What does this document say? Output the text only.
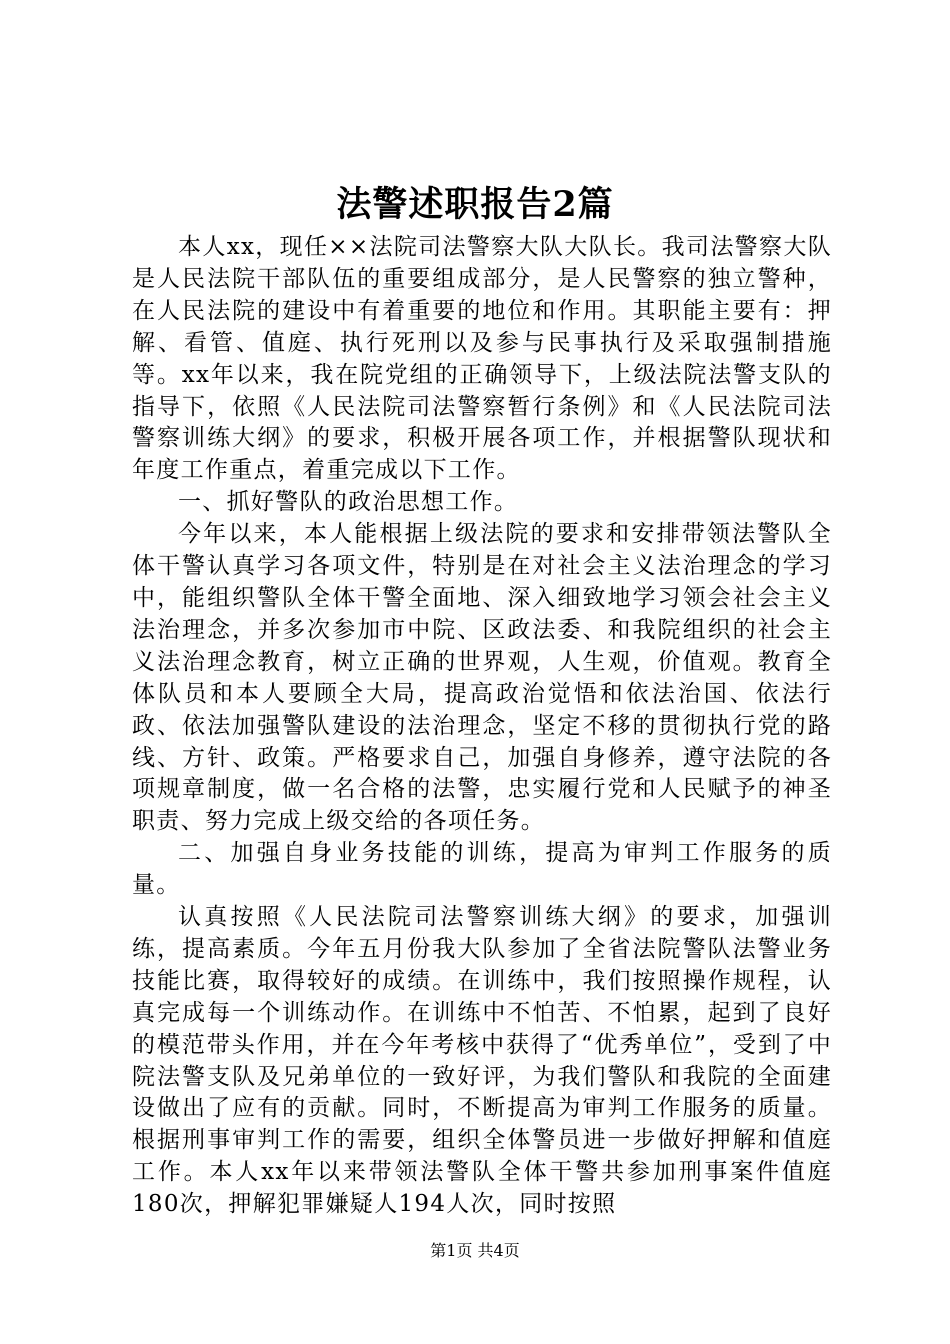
法警述职报告2篇

本人xx，现任××法院司法警察大队大队长。我司法警察大队是人民法院干部队伍的重要组成部分，是人民警察的独立警种，在人民法院的建设中有着重要的地位和作用。其职能主要有：押解、看管、值庭、执行死刑以及参与民事执行及采取强制措施等。xx年以来，我在院党组的正确领导下，上级法院法警支队的指导下，依照《人民法院司法警察暂行条例》和《人民法院司法警察训练大纲》的要求，积极开展各项工作，并根据警队现状和年度工作重点，着重完成以下工作。

一、抓好警队的政治思想工作。

今年以来，本人能根据上级法院的要求和安排带领法警队全体干警认真学习各项文件，特别是在对社会主义法治理念的学习中，能组织警队全体干警全面地、深入细致地学习领会社会主义法治理念，并多次参加市中院、区政法委、和我院组织的社会主义法治理念教育，树立正确的世界观，人生观，价值观。教育全体队员和本人要顾全大局，提高政治觉悟和依法治国、依法行政、依法加强警队建设的法治理念，坚定不移的贯彻执行党的路线、方针、政策。严格要求自己，加强自身修养，遵守法院的各项规章制度，做一名合格的法警，忠实履行党和人民赋予的神圣职责、努力完成上级交给的各项任务。

二、加强自身业务技能的训练，提高为审判工作服务的质量。

认真按照《人民法院司法警察训练大纲》的要求，加强训练，提高素质。今年五月份我大队参加了全省法院警队法警业务技能比赛，取得较好的成绩。在训练中，我们按照操作规程，认真完成每一个训练动作。在训练中不怕苦、不怕累，起到了良好的模范带头作用，并在今年考核中获得了“优秀单位”，受到了中院法警支队及兄弟单位的一致好评，为我们警队和我院的全面建设做出了应有的贡献。同时，不断提高为审判工作服务的质量。根据刑事审判工作的需要，组织全体警员进一步做好押解和值庭工作。本人xx年以来带领法警队全体干警共参加刑事案件值庭180次，押解犯罪嫌疑人194人次，同时按照

第1页 共4页
